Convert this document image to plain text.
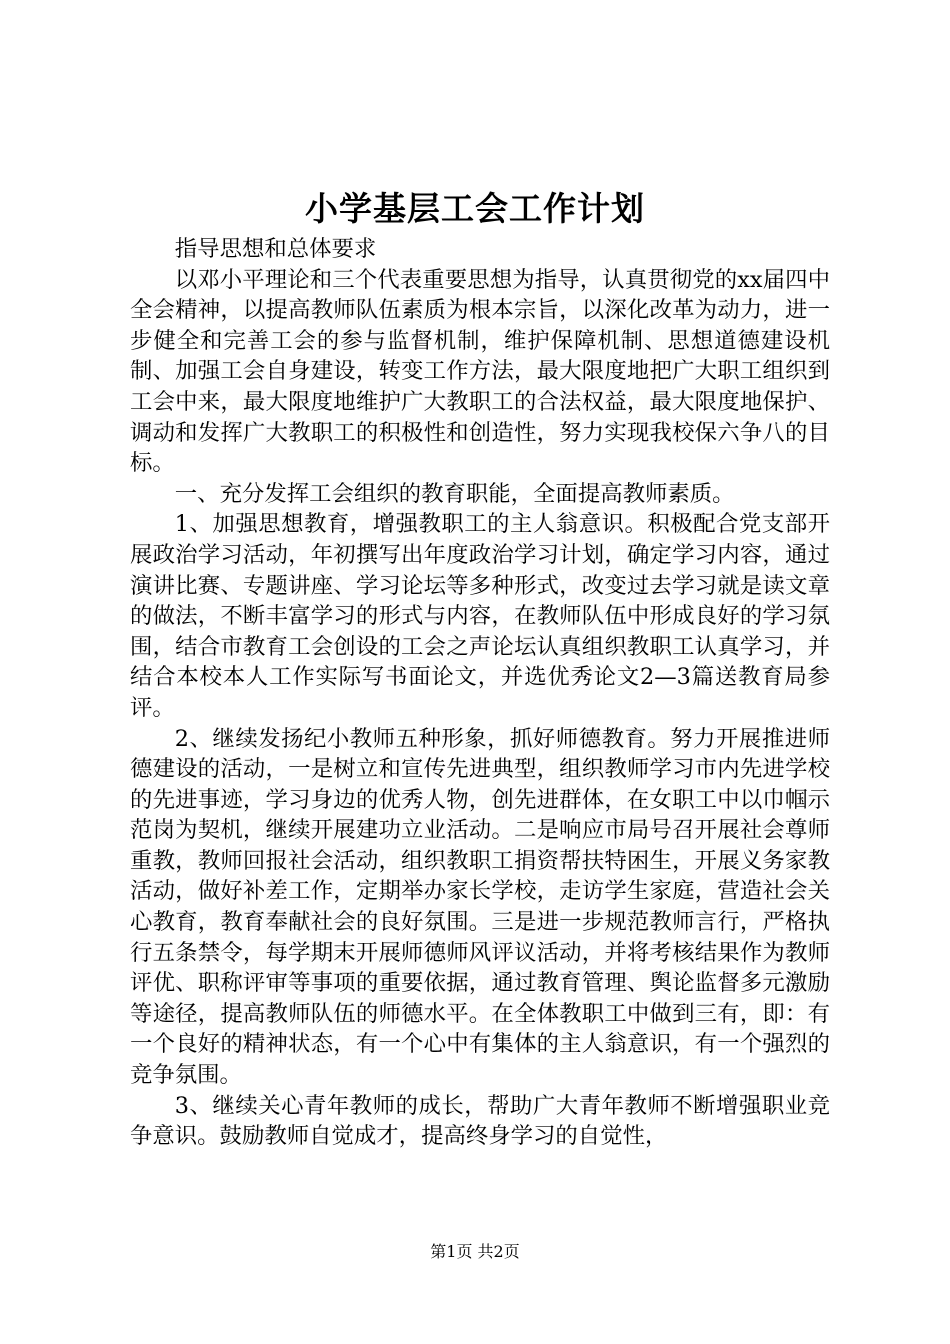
小学基层工会工作计划

指导思想和总体要求

以邓小平理论和三个代表重要思想为指导，认真贯彻党的xx届四中全会精神，以提高教师队伍素质为根本宗旨，以深化改革为动力，进一步健全和完善工会的参与监督机制，维护保障机制、思想道德建设机制、加强工会自身建设，转变工作方法，最大限度地把广大职工组织到工会中来，最大限度地维护广大教职工的合法权益，最大限度地保护、调动和发挥广大教职工的积极性和创造性，努力实现我校保六争八的目标。

一、充分发挥工会组织的教育职能，全面提高教师素质。

1、加强思想教育，增强教职工的主人翁意识。积极配合党支部开展政治学习活动，年初撰写出年度政治学习计划，确定学习内容，通过演讲比赛、专题讲座、学习论坛等多种形式，改变过去学习就是读文章的做法，不断丰富学习的形式与内容，在教师队伍中形成良好的学习氛围，结合市教育工会创设的工会之声论坛认真组织教职工认真学习，并结合本校本人工作实际写书面论文，并选优秀论文2—3篇送教育局参评。

2、继续发扬纪小教师五种形象，抓好师德教育。努力开展推进师德建设的活动，一是树立和宣传先进典型，组织教师学习市内先进学校的先进事迹，学习身边的优秀人物，创先进群体，在女职工中以巾帼示范岗为契机，继续开展建功立业活动。二是响应市局号召开展社会尊师重教，教师回报社会活动，组织教职工捐资帮扶特困生，开展义务家教活动，做好补差工作，定期举办家长学校，走访学生家庭，营造社会关心教育，教育奉献社会的良好氛围。三是进一步规范教师言行，严格执行五条禁令，每学期末开展师德师风评议活动，并将考核结果作为教师评优、职称评审等事项的重要依据，通过教育管理、舆论监督多元激励等途径，提高教师队伍的师德水平。在全体教职工中做到三有，即：有一个良好的精神状态，有一个心中有集体的主人翁意识，有一个强烈的竞争氛围。

3、继续关心青年教师的成长，帮助广大青年教师不断增强职业竞争意识。鼓励教师自觉成才，提高终身学习的自觉性，

第1页 共2页
